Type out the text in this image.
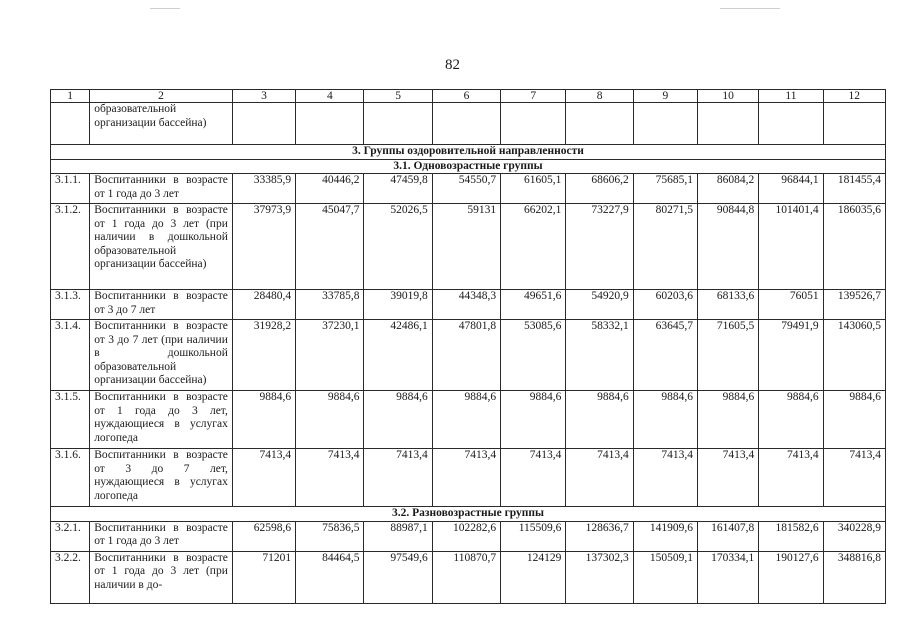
82
1	2	3	4	5	6	7	8	9	10	11	12
	образовательной организации бассейна)										
3. Группы оздоровительной направленности											
3.1. Одновозрастные группы											
3.1.1.	Воспитанники в возрасте от 1 года до 3 лет	33385,9	40446,2	47459,8	54550,7	61605,1	68606,2	75685,1	86084,2	96844,1	181455,4
3.1.2.	Воспитанники в возрасте от 1 года до 3 лет (при наличии в дошкольной образовательной организации бассейна)	37973,9	45047,7	52026,5	59131	66202,1	73227,9	80271,5	90844,8	101401,4	186035,6
3.1.3.	Воспитанники в возрасте от 3 до 7 лет	28480,4	33785,8	39019,8	44348,3	49651,6	54920,9	60203,6	68133,6	76051	139526,7
3.1.4.	Воспитанники в возрасте от 3 до 7 лет (при наличии в дошкольной образовательной организации бассейна)	31928,2	37230,1	42486,1	47801,8	53085,6	58332,1	63645,7	71605,5	79491,9	143060,5
3.1.5.	Воспитанники в возрасте от 1 года до 3 лет, нуждающиеся в услугах логопеда	9884,6	9884,6	9884,6	9884,6	9884,6	9884,6	9884,6	9884,6	9884,6	9884,6
3.1.6.	Воспитанники в возрасте от 3 до 7 лет, нуждающиеся в услугах логопеда	7413,4	7413,4	7413,4	7413,4	7413,4	7413,4	7413,4	7413,4	7413,4	7413,4
3.2. Разновозрастные группы											
3.2.1.	Воспитанники в возрасте от 1 года до 3 лет	62598,6	75836,5	88987,1	102282,6	115509,6	128636,7	141909,6	161407,8	181582,6	340228,9
3.2.2.	Воспитанники в возрасте от 1 года до 3 лет (при наличии в до-	71201	84464,5	97549,6	110870,7	124129	137302,3	150509,1	170334,1	190127,6	348816,8
